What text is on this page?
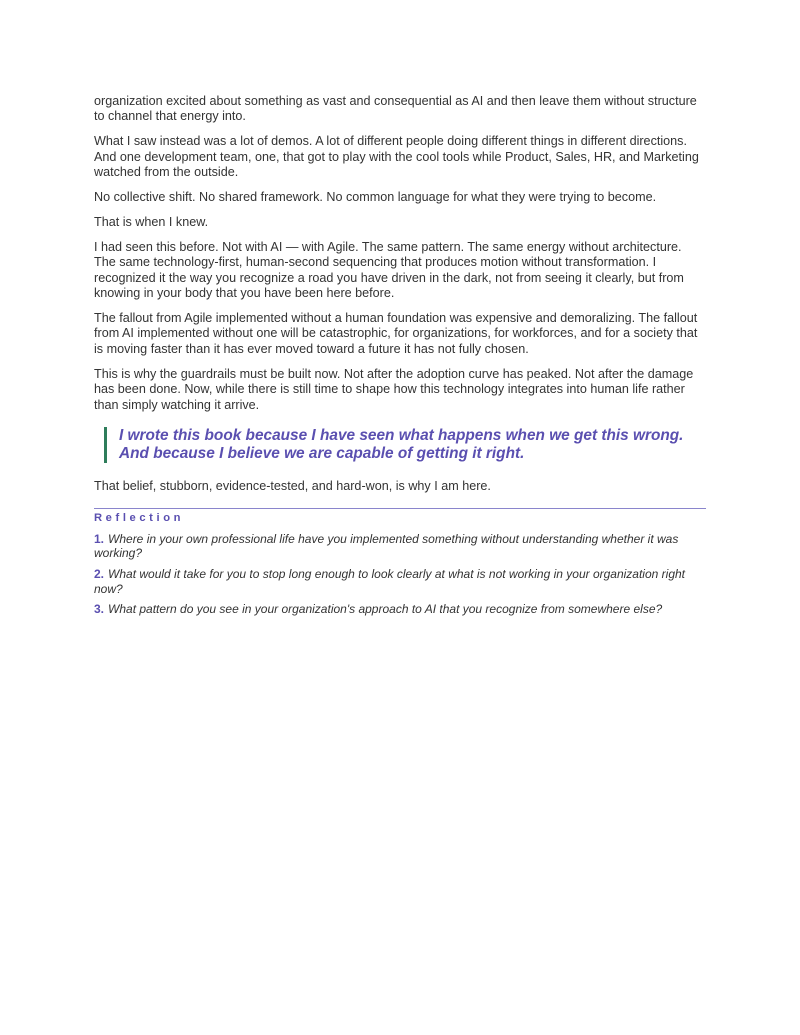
organization excited about something as vast and consequential as AI and then leave them without structure to channel that energy into.

What I saw instead was a lot of demos. A lot of different people doing different things in different directions. And one development team, one, that got to play with the cool tools while Product, Sales, HR, and Marketing watched from the outside.

No collective shift. No shared framework. No common language for what they were trying to become.

That is when I knew.

I had seen this before. Not with AI — with Agile. The same pattern. The same energy without architecture. The same technology-first, human-second sequencing that produces motion without transformation. I recognized it the way you recognize a road you have driven in the dark, not from seeing it clearly, but from knowing in your body that you have been here before.

The fallout from Agile implemented without a human foundation was expensive and demoralizing. The fallout from AI implemented without one will be catastrophic, for organizations, for workforces, and for a society that is moving faster than it has ever moved toward a future it has not fully chosen.

This is why the guardrails must be built now. Not after the adoption curve has peaked. Not after the damage has been done. Now, while there is still time to shape how this technology integrates into human life rather than simply watching it arrive.

I wrote this book because I have seen what happens when we get this wrong.
And because I believe we are capable of getting it right.

That belief, stubborn, evidence-tested, and hard-won, is why I am here.

Reflection
1. Where in your own professional life have you implemented something without understanding whether it was working?
2. What would it take for you to stop long enough to look clearly at what is not working in your organization right now?
3. What pattern do you see in your organization's approach to AI that you recognize from somewhere else?
